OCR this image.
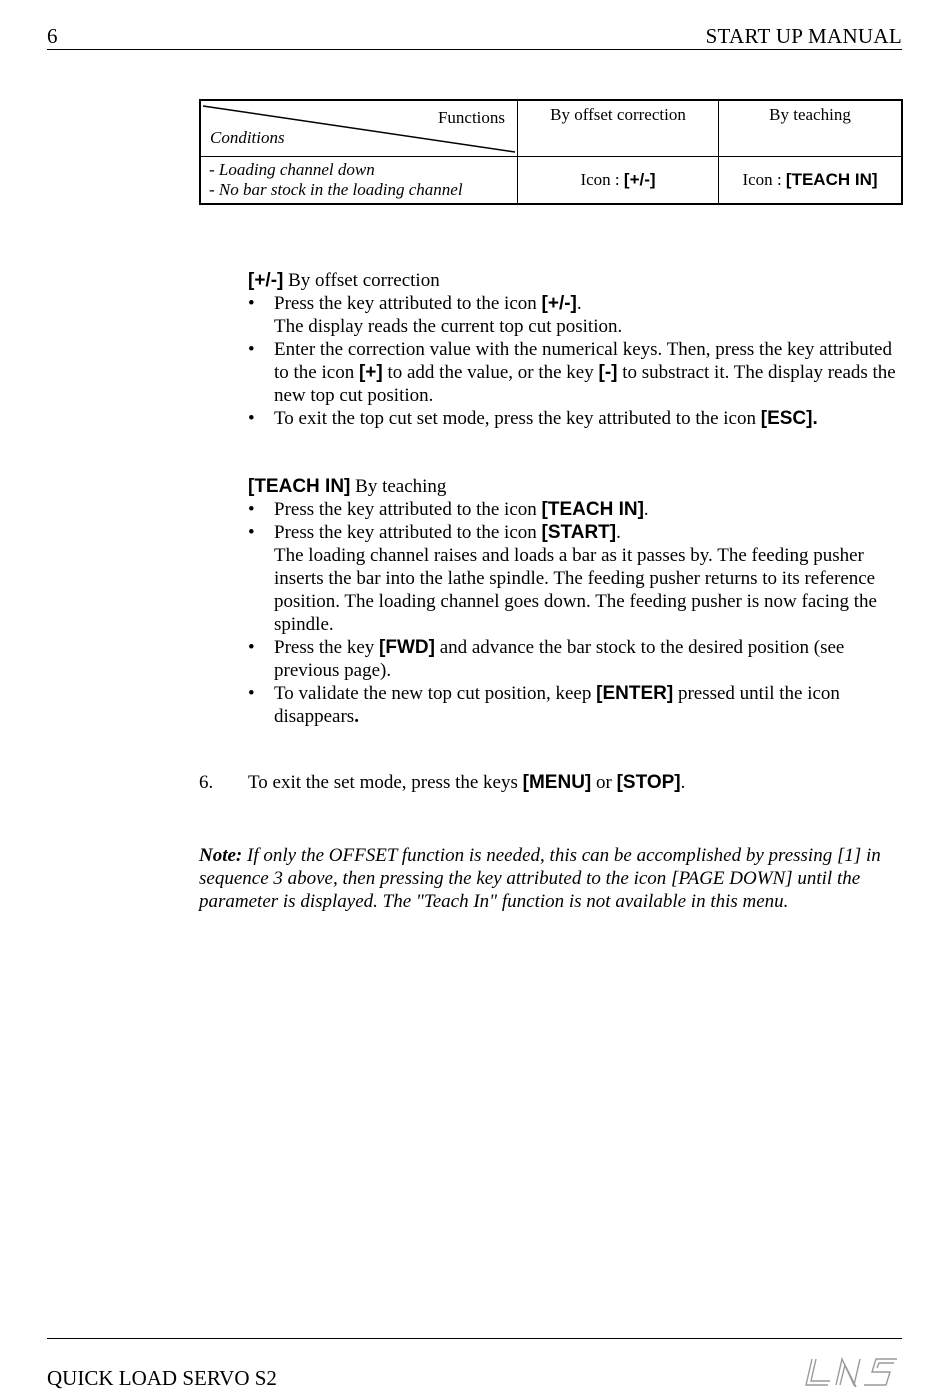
6	START UP MANUAL
Functions
Conditions	By offset correction	By teaching

- Loading channel down
- No bar stock in the loading channel	Icon : [+/-]	Icon : [TEACH IN]

[+/-] By offset correction

• Press the key attributed to the icon [+/-].
The display reads the current top cut position.
• Enter the correction value with the numerical keys. Then, press the key attributed to the icon [+] to add the value, or the key [-] to substract it. The display reads the new top cut position.
• To exit the top cut set mode, press the key attributed to the icon [ESC].

[TEACH IN] By teaching

• Press the key attributed to the icon [TEACH IN].
• Press the key attributed to the icon [START].
The loading channel raises and loads a bar as it passes by. The feeding pusher inserts the bar into the lathe spindle. The feeding pusher returns to its reference position. The loading channel goes down. The feeding pusher is now facing the spindle.
• Press the key [FWD] and advance the bar stock to the desired position (see previous page).
• To validate the new top cut position, keep [ENTER] pressed until the icon disappears.
6. To exit the set mode, press the keys [MENU] or [STOP].
Note: If only the OFFSET function is needed, this can be accomplished by pressing [1] in sequence 3 above, then pressing the key attributed to the icon [PAGE DOWN] until the parameter is displayed. The "Teach In" function is not available in this menu.
QUICK LOAD SERVO S2
